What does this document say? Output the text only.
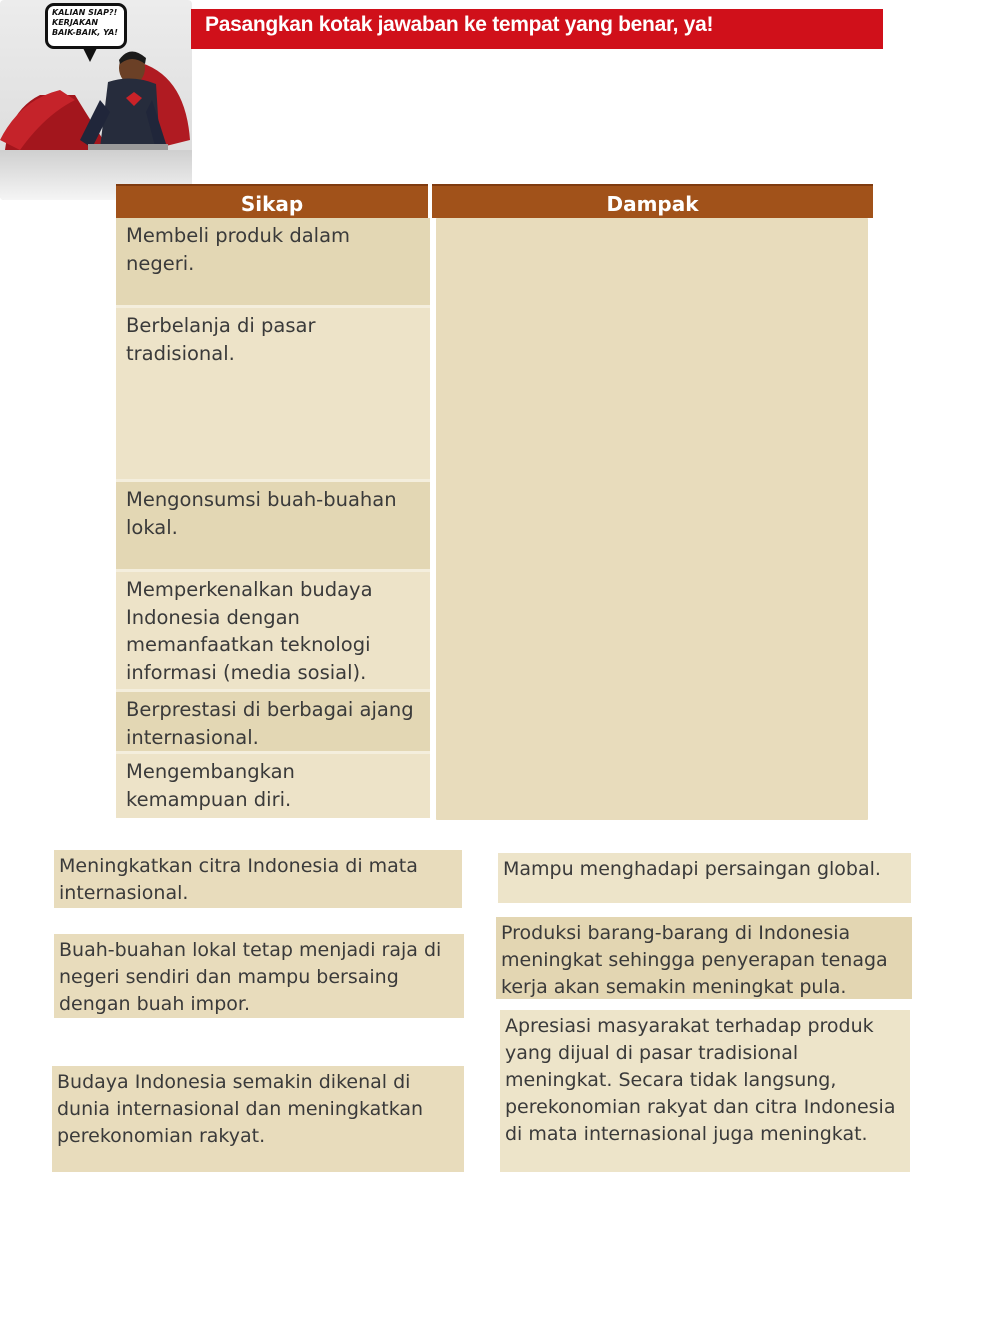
KALIAN SIAP?! KERJAKAN BAIK-BAIK, YA!	Pasangkan kotak jawaban ke tempat yang benar, ya!
Sikap	Dampak
Membeli produk dalam negeri.
Berbelanja di pasar tradisional.
Mengonsumsi buah-buahan lokal.
Memperkenalkan budaya Indonesia dengan memanfaatkan teknologi informasi (media sosial).
Berprestasi di berbagai ajang internasional.
Mengembangkan kemampuan diri.
Meningkatkan citra Indonesia di mata internasional.
Mampu menghadapi persaingan global.
Produksi barang-barang di Indonesia meningkat sehingga penyerapan tenaga kerja akan semakin meningkat pula.
Buah-buahan lokal tetap menjadi raja di negeri sendiri dan mampu bersaing dengan buah impor.
Apresiasi masyarakat terhadap produk yang dijual di pasar tradisional meningkat. Secara tidak langsung, perekonomian rakyat dan citra Indonesia di mata internasional juga meningkat.
Budaya Indonesia semakin dikenal di dunia internasional dan meningkatkan perekonomian rakyat.
